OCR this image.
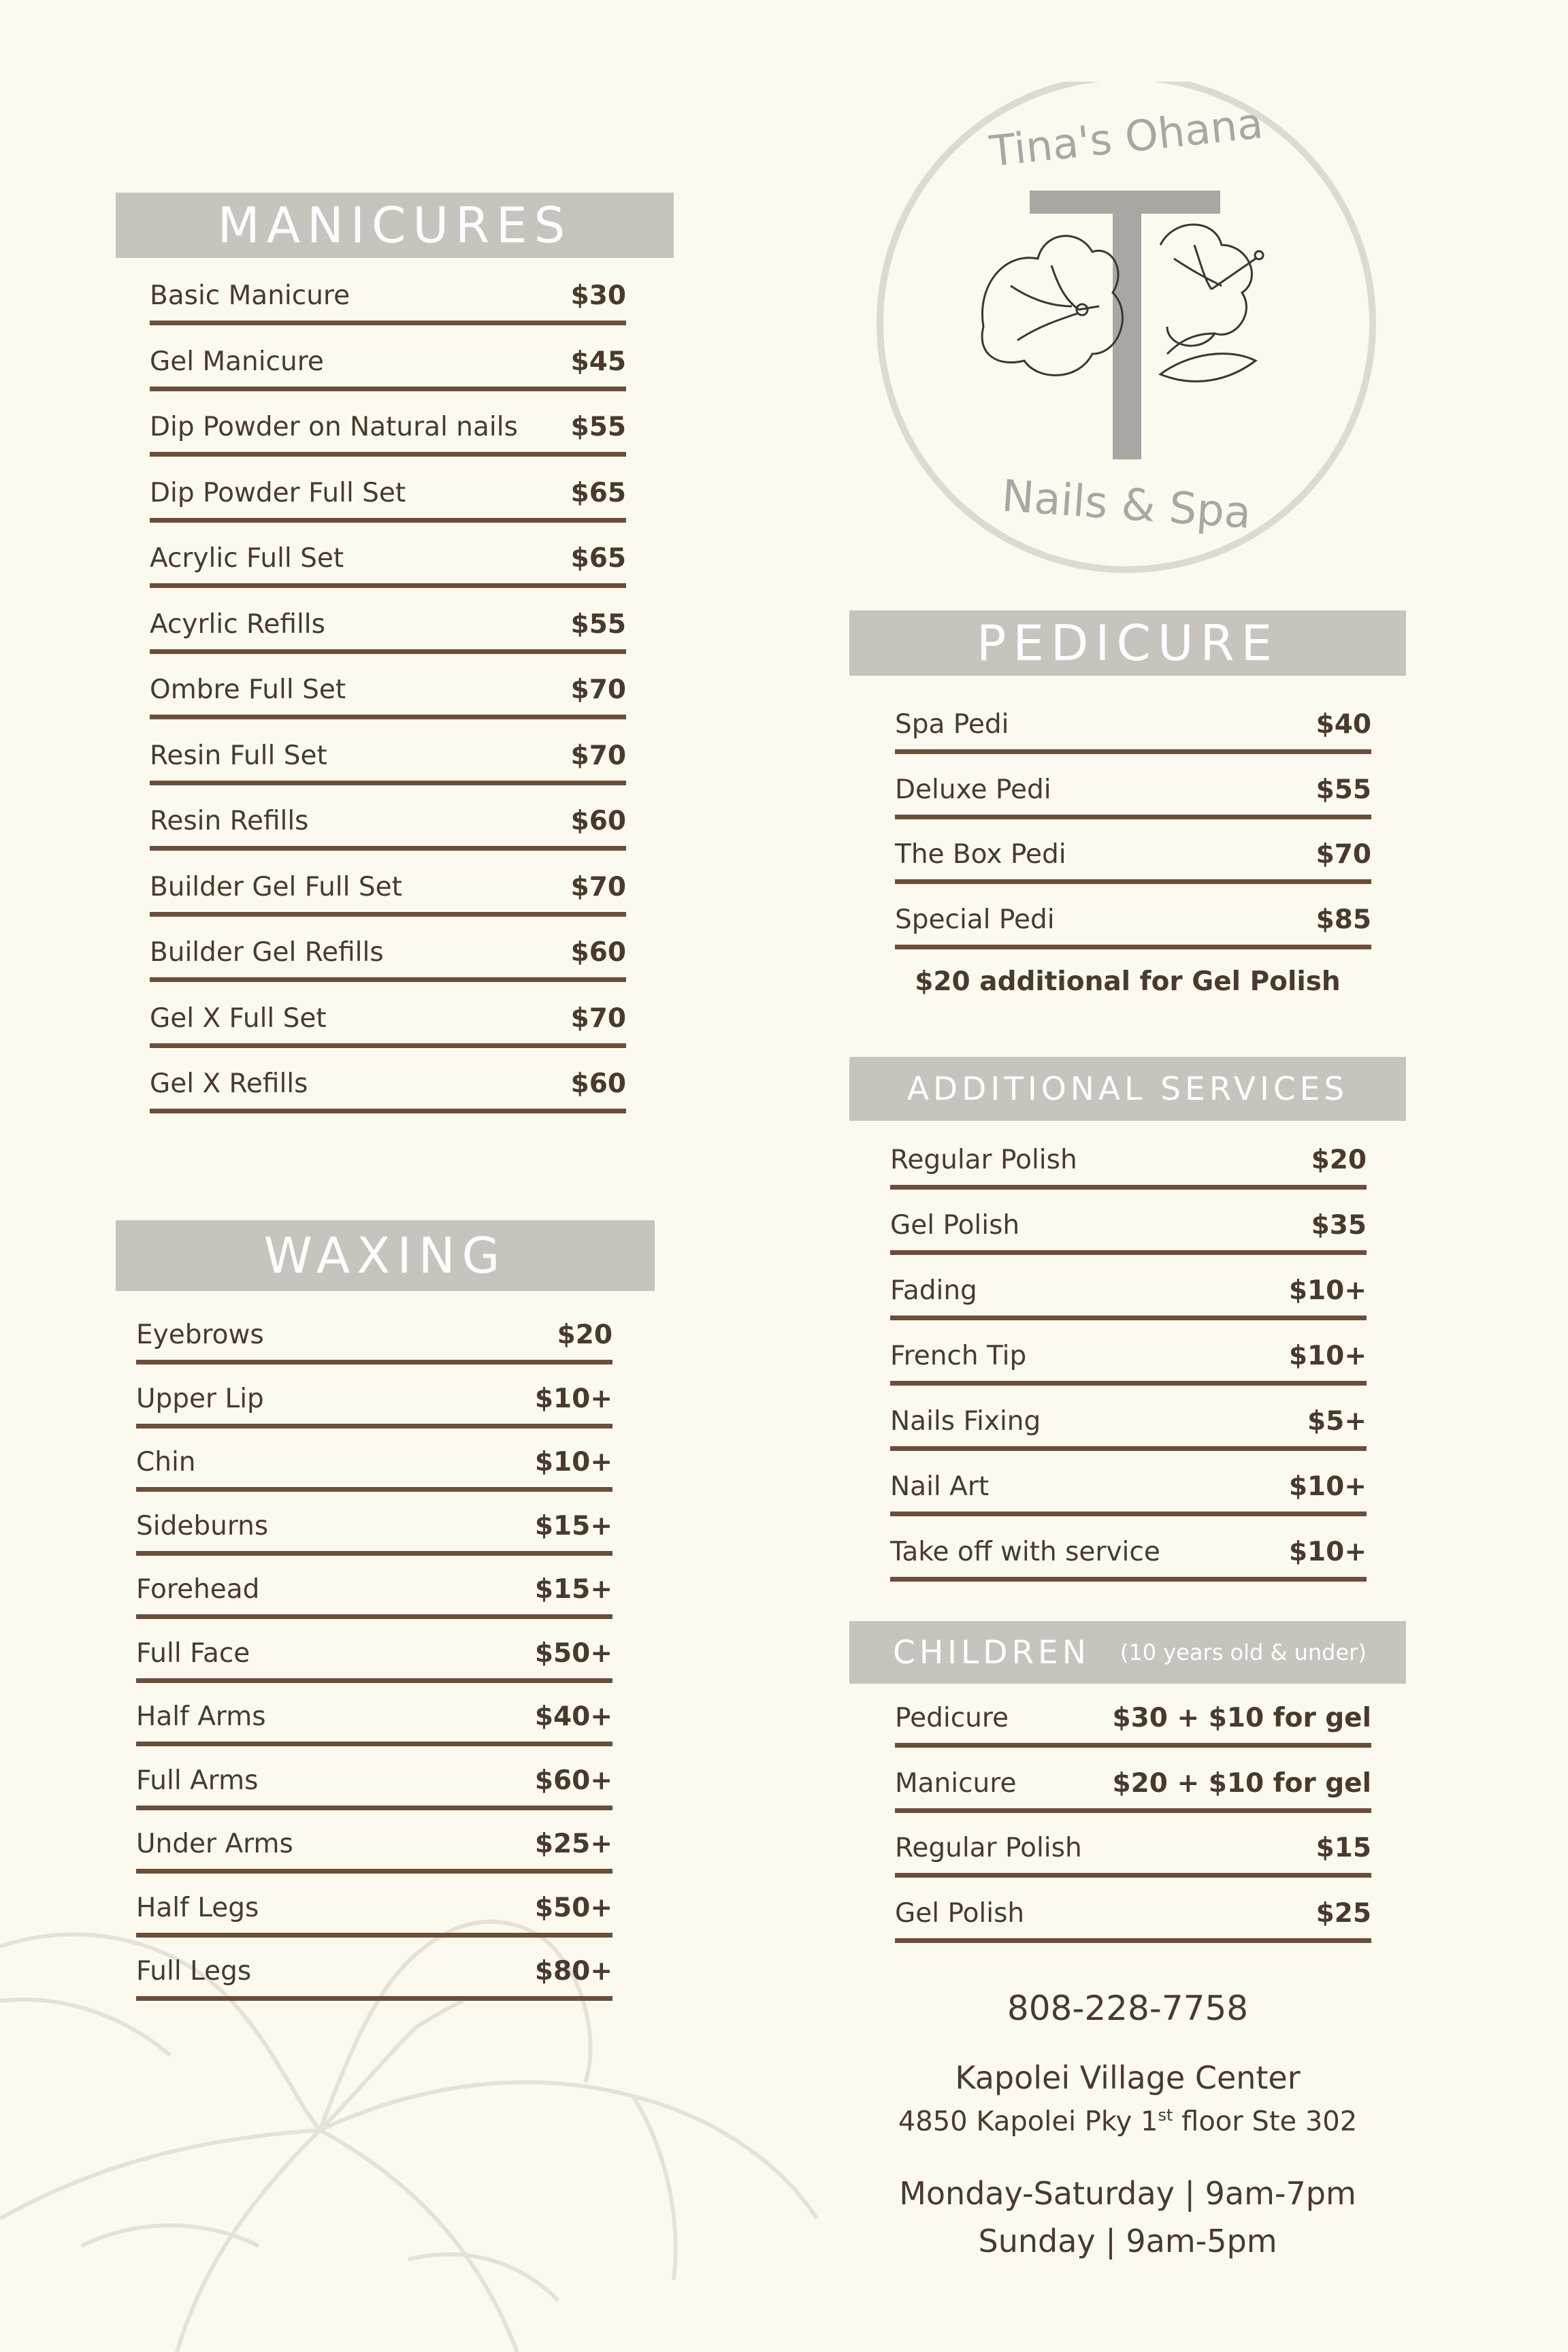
Tina's Ohana
Nails & Spa
MANICURES
Basic Manicure	$30
Gel Manicure	$45
Dip Powder on Natural nails $55
Dip Powder Full Set	$65
Acrylic Full Set	$65
Acyrlic Refills	$55
Ombre Full Set	$70
Resin Full Set	$70
Resin Refills	$60
Builder Gel Full Set	$70
Builder Gel Refills	$60
Gel X Full Set	$70
Gel X Refills	$60
WAXING
Eyebrows	$20
Upper Lip	$10+
Chin	$10+
Sideburns	$15+
Forehead	$15+
Full Face	$50+
Half Arms	$40+
Full Arms	$60+
Under Arms	$25+
Half Legs	$50+
Full Legs	$80+
PEDICURE
Spa Pedi	$40
Deluxe Pedi	$55
The Box Pedi	$70
Special Pedi	$85
$20 additional for Gel Polish
ADDITIONAL SERVICES
Regular Polish	$20
Gel Polish	$35
Fading	$10+
French Tip	$10+
Nails Fixing	$5+
Nail Art	$10+
Take off with service	$10+
CHILDREN (10 years old & under)
Pedicure	$30 + $10 for gel
Manicure	$20 + $10 for gel
Regular Polish	$15
Gel Polish	$25
808-228-7758
Kapolei Village Center
4850 Kapolei Pky 1st floor Ste 302
Monday-Saturday | 9am-7pm
Sunday | 9am-5pm
